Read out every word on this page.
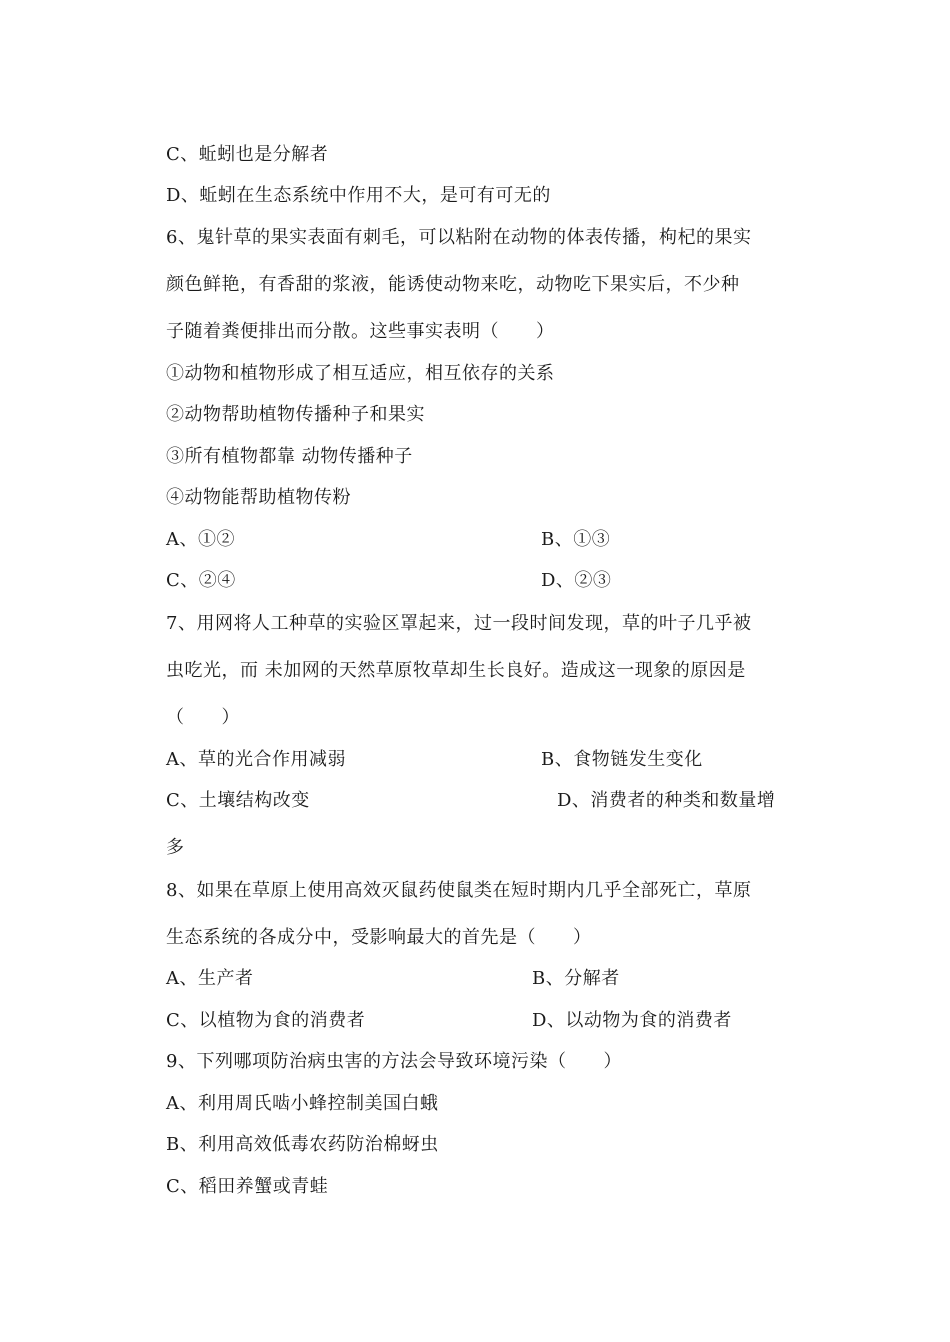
C、蚯蚓也是分解者
D、蚯蚓在生态系统中作用不大，是可有可无的
6、鬼针草的果实表面有刺毛，可以粘附在动物的体表传播，枸杞的果实
颜色鲜艳，有香甜的浆液，能诱使动物来吃，动物吃下果实后，不少种
子随着粪便排出而分散。这些事实表明（　　）
①动物和植物形成了相互适应，相互依存的关系
②动物帮助植物传播种子和果实
③所有植物都靠 动物传播种子
④动物能帮助植物传粉
A、①②	B、①③
C、②④	D、②③
7、用网将人工种草的实验区罩起来，过一段时间发现，草的叶子几乎被
虫吃光，而 未加网的天然草原牧草却生长良好。造成这一现象的原因是
（　　）
A、草的光合作用减弱	B、食物链发生变化
C、土壤结构改变	D、消费者的种类和数量增
多
8、如果在草原上使用高效灭鼠药使鼠类在短时期内几乎全部死亡，草原
生态系统的各成分中，受影响最大的首先是（　　）
A、生产者	B、分解者
C、以植物为食的消费者	D、以动物为食的消费者
9、下列哪项防治病虫害的方法会导致环境污染（　　）
A、利用周氏啮小蜂控制美国白蛾
B、利用高效低毒农药防治棉蚜虫
C、稻田养蟹或青蛙
